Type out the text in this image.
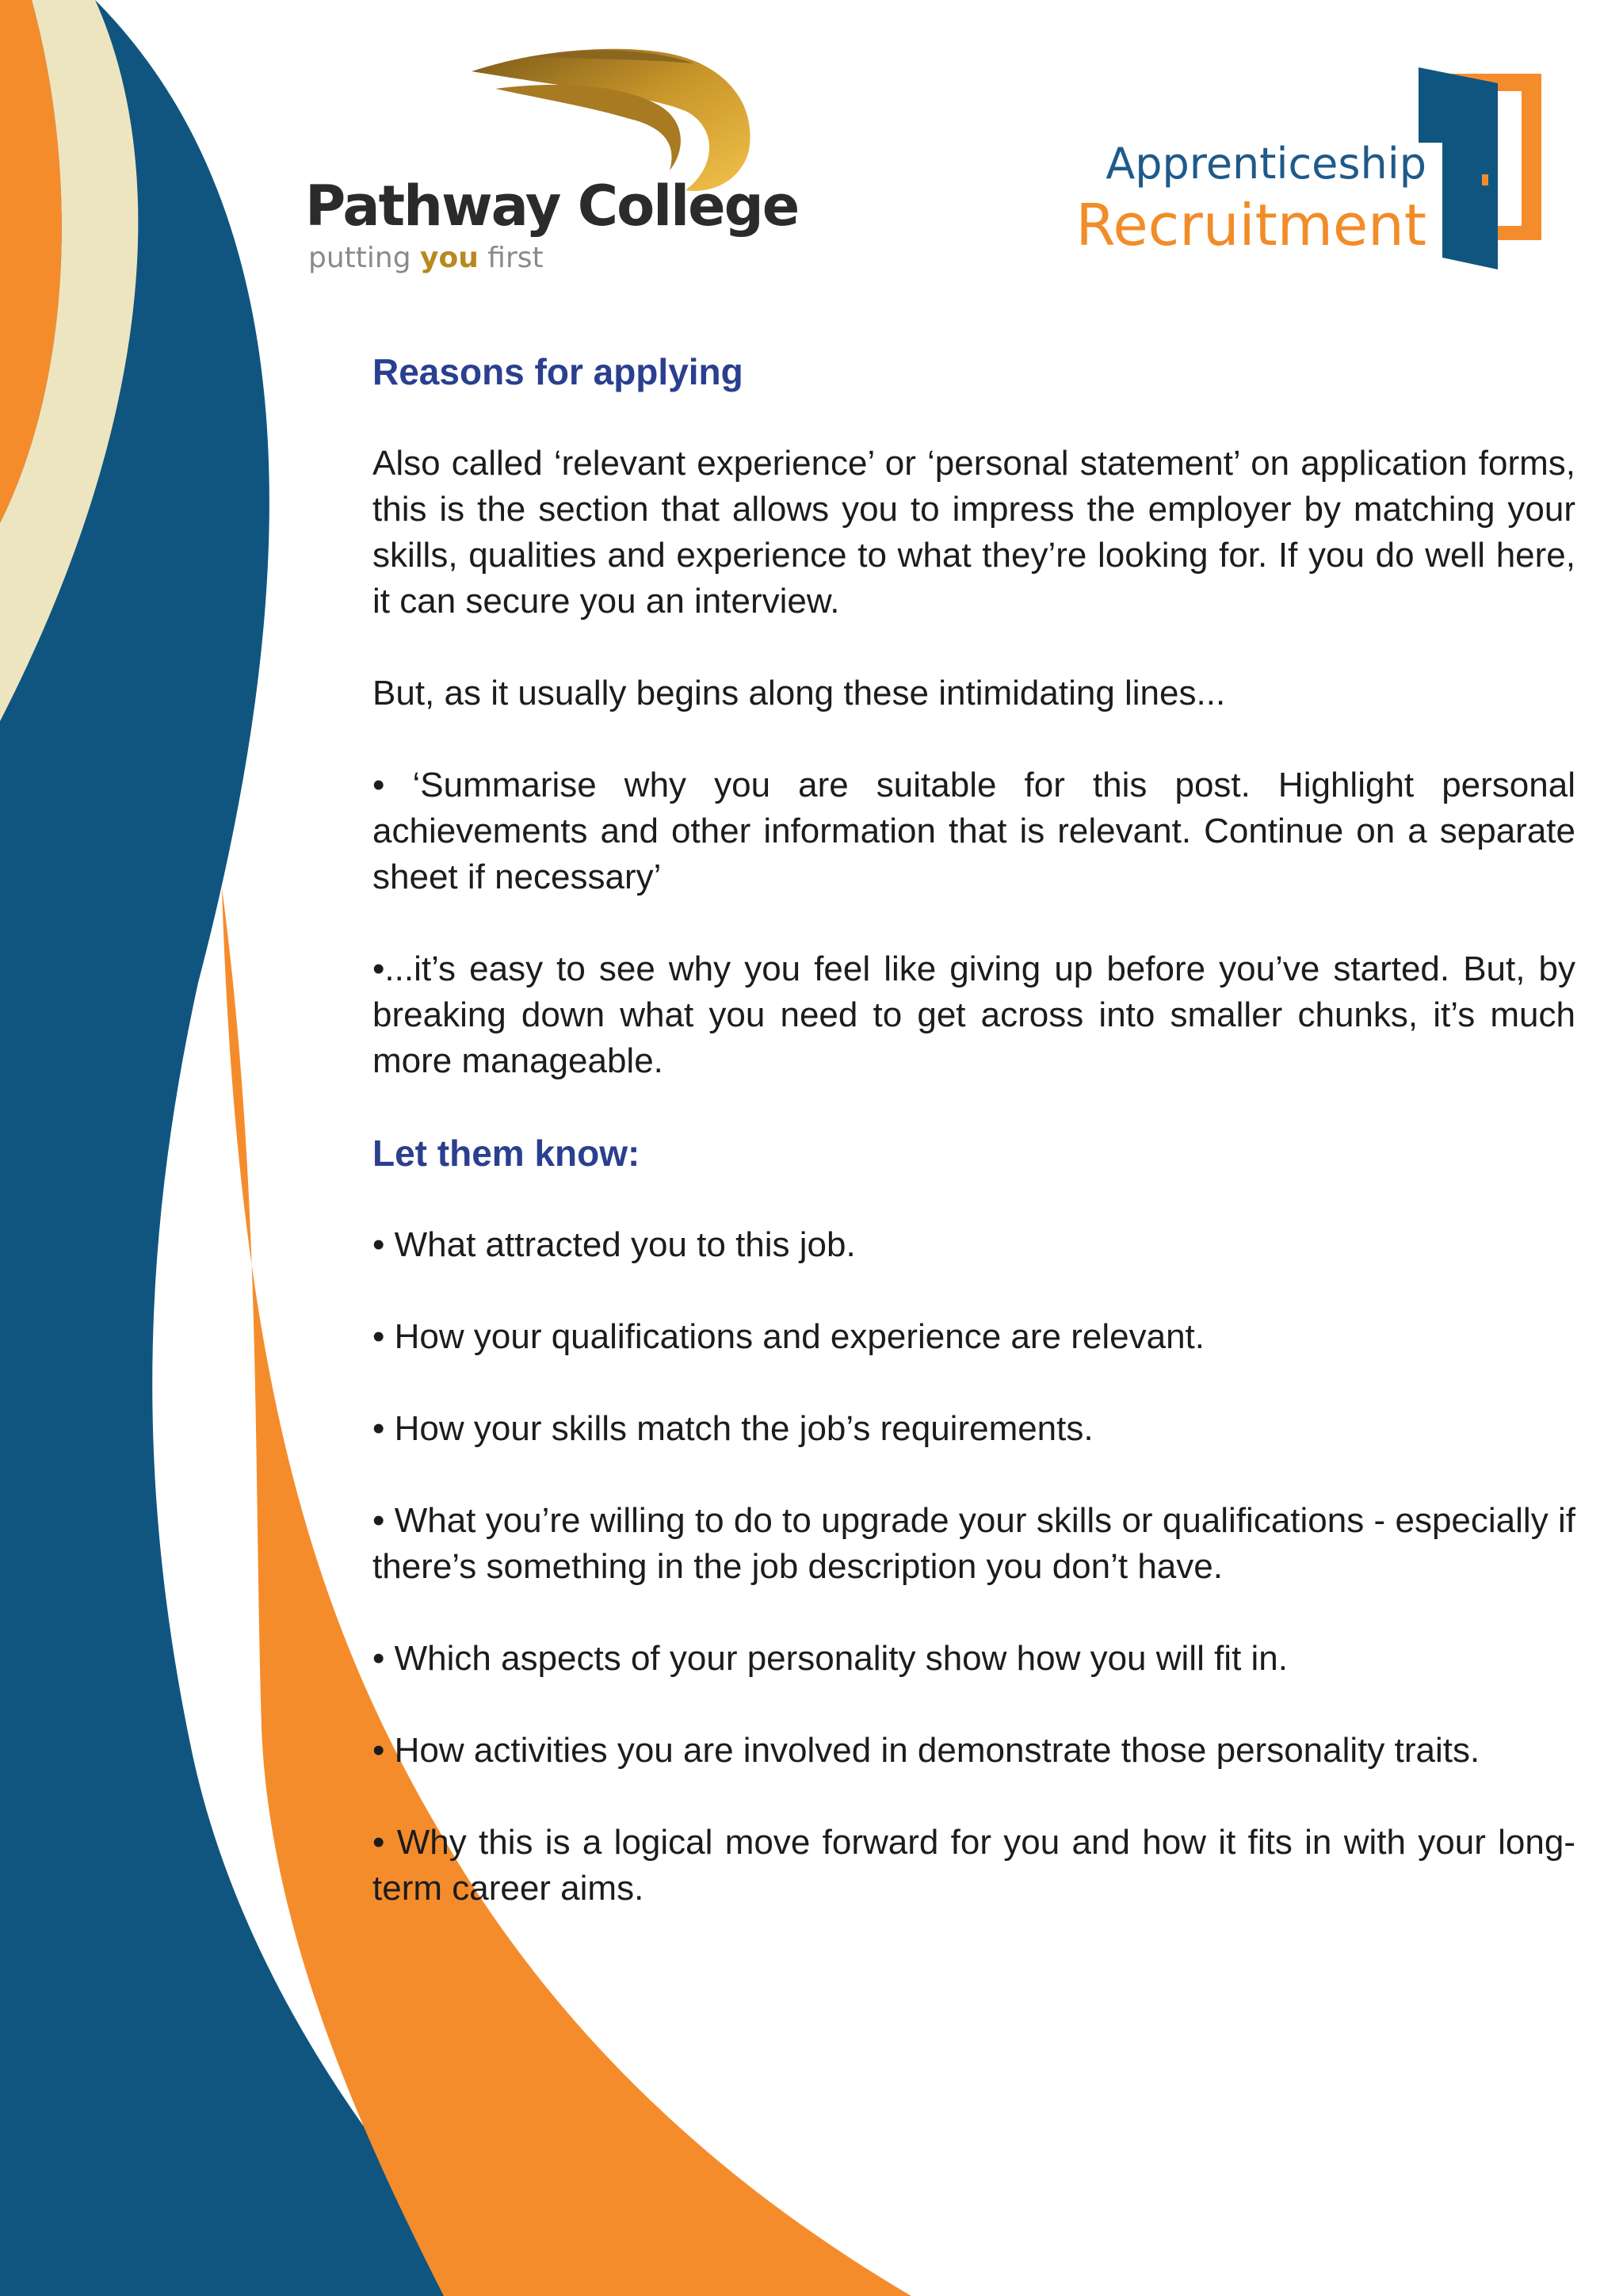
Pathway College
putting you first
Apprenticeship
Recruitment
Reasons for applying

Also called ‘relevant experience’ or ‘personal statement’ on application forms, this is the section that allows you to impress the employer by matching your skills, qualities and experience to what they’re looking for. If you do well here, it can secure you an interview.

But, as it usually begins along these intimidating lines...

• ‘Summarise why you are suitable for this post. Highlight personal achievements and other information that is relevant. Continue on a separate sheet if necessary’

•...it’s easy to see why you feel like giving up before you’ve started. But, by breaking down what you need to get across into smaller chunks, it’s much more manageable.

Let them know:

• What attracted you to this job.

• How your qualifications and experience are relevant.

• How your skills match the job’s requirements.

• What you’re willing to do to upgrade your skills or qualifications - especially if there’s something in the job description you don’t have.

• Which aspects of your personality show how you will fit in.

• How activities you are involved in demonstrate those personality traits.

• Why this is a logical move forward for you and how it fits in with your long-term career aims.
